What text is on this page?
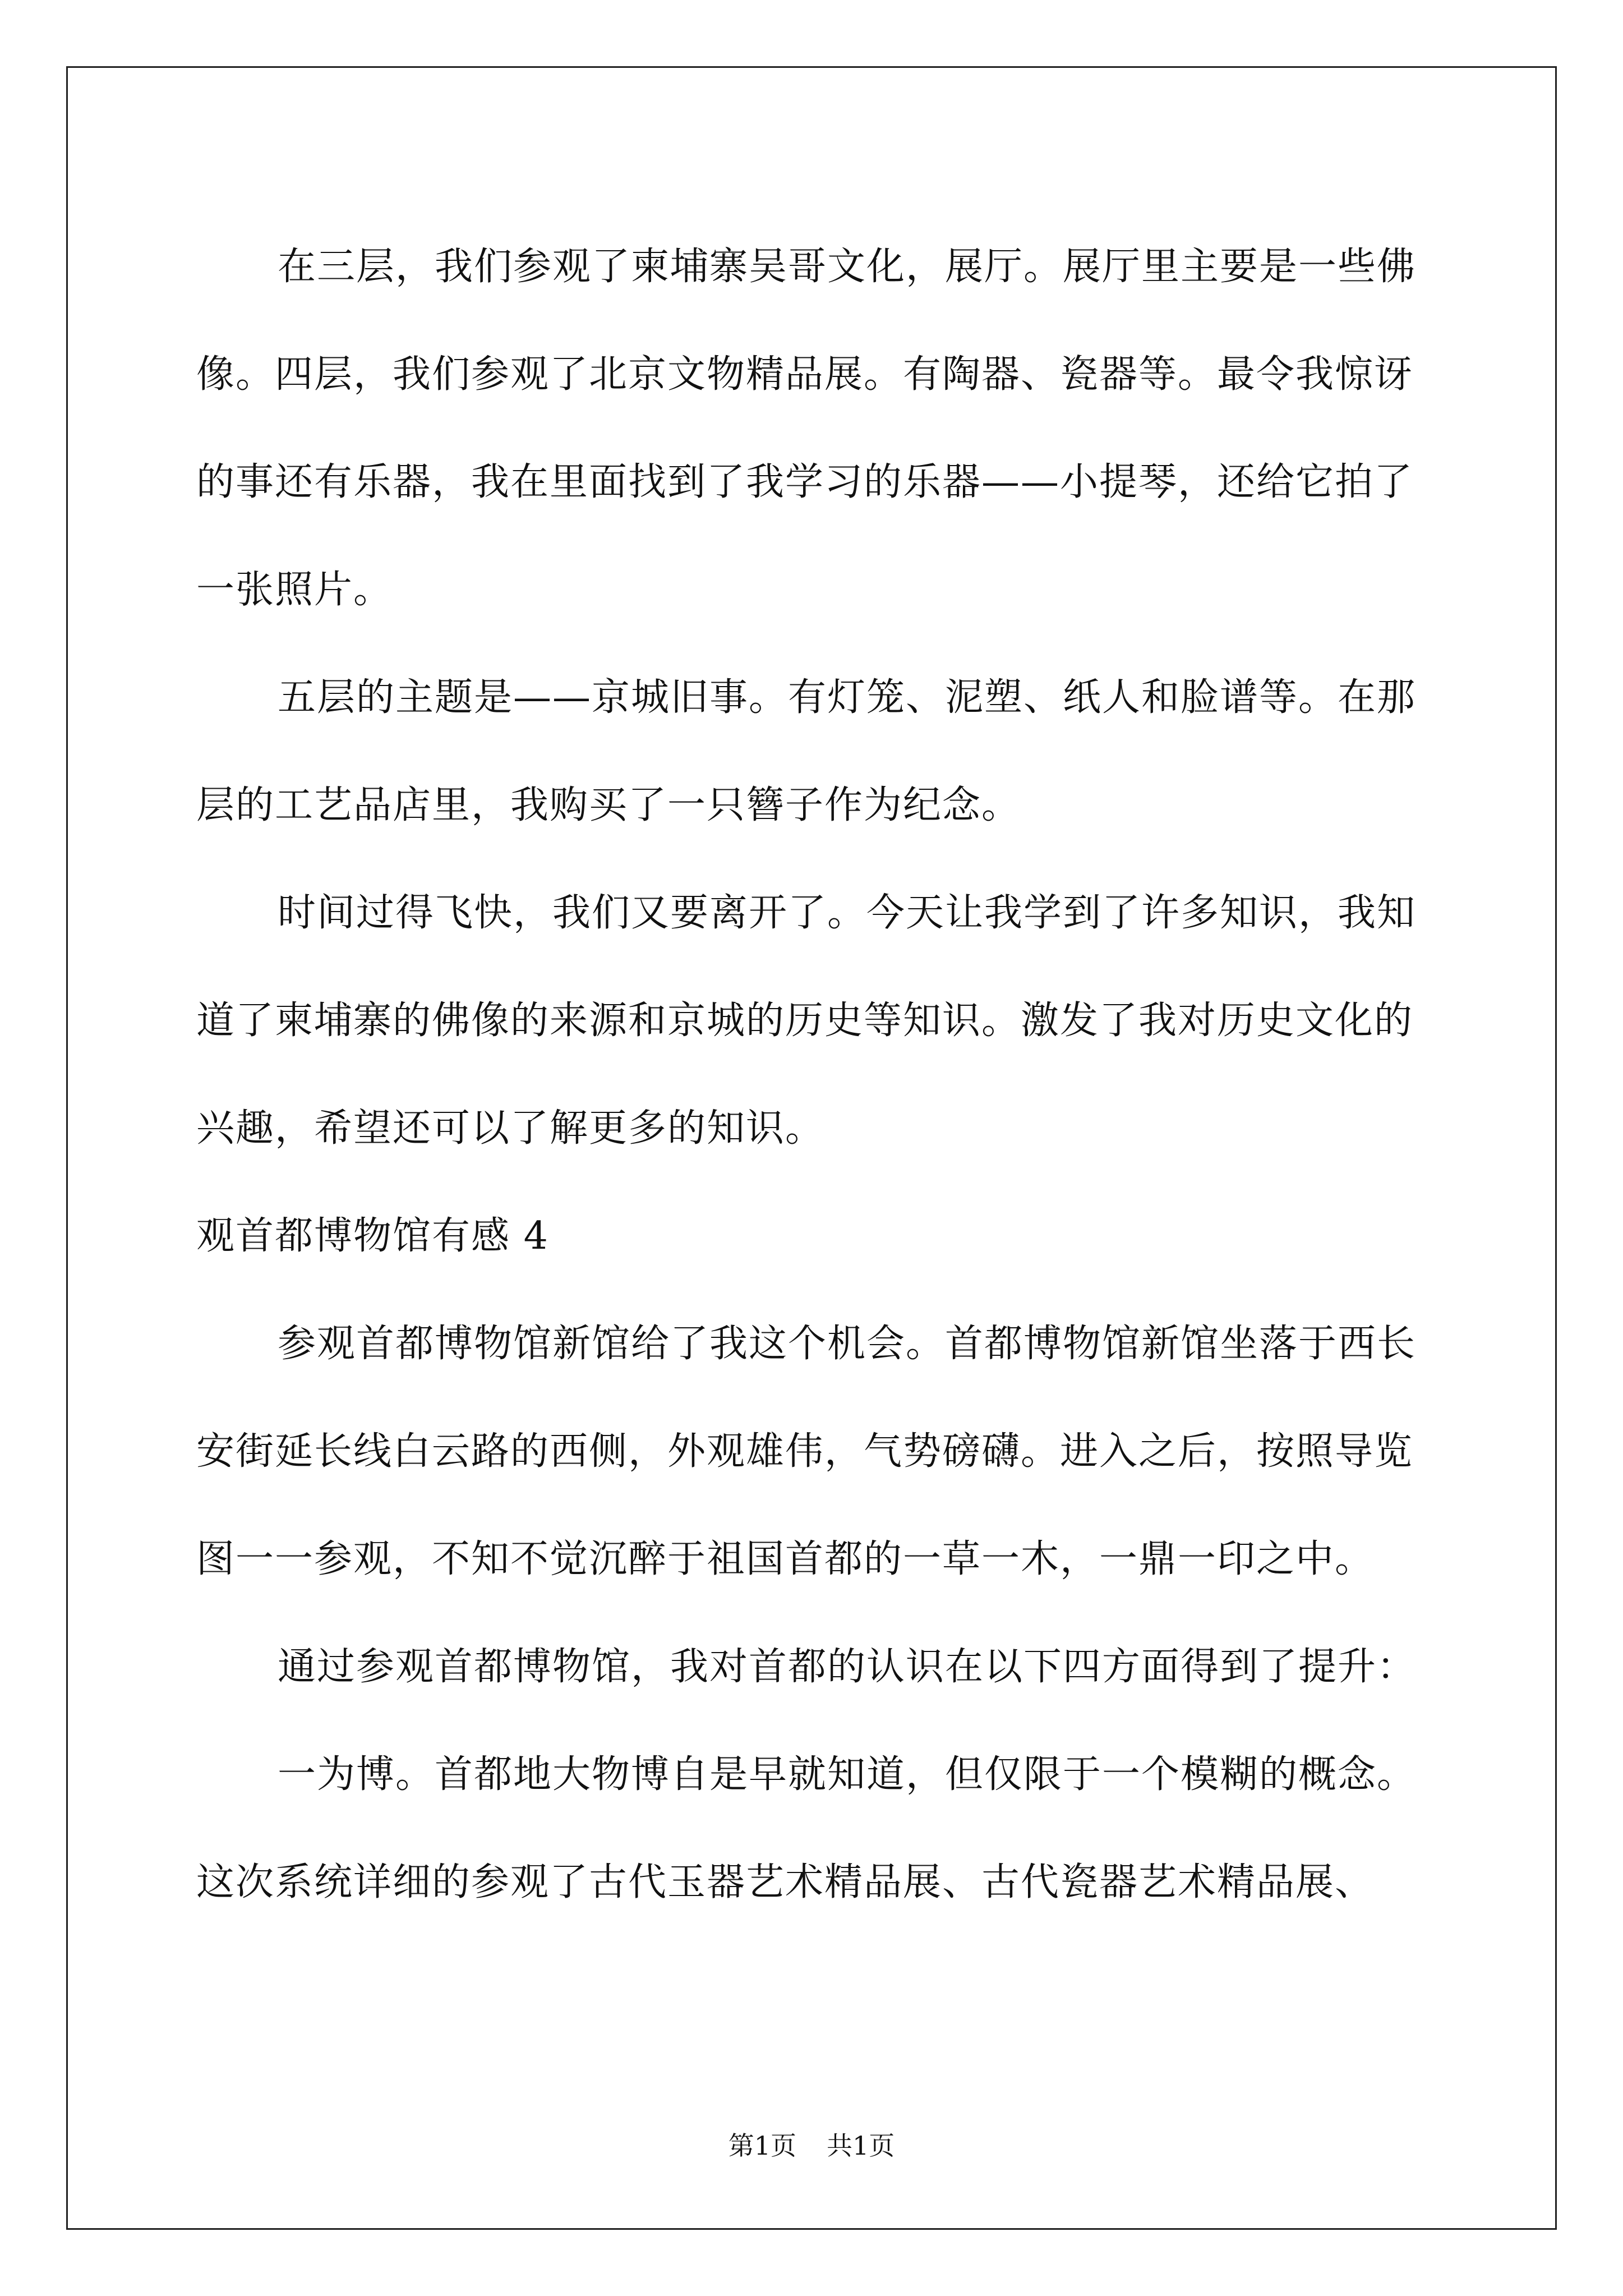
在三层，我们参观了柬埔寨吴哥文化，展厅。展厅里主要是一些佛像。四层，我们参观了北京文物精品展。有陶器、瓷器等。最令我惊讶的事还有乐器，我在里面找到了我学习的乐器——小提琴，还给它拍了一张照片。

五层的主题是——京城旧事。有灯笼、泥塑、纸人和脸谱等。在那层的工艺品店里，我购买了一只簪子作为纪念。

时间过得飞快，我们又要离开了。今天让我学到了许多知识，我知道了柬埔寨的佛像的来源和京城的历史等知识。激发了我对历史文化的兴趣，希望还可以了解更多的知识。

观首都博物馆有感 4

参观首都博物馆新馆给了我这个机会。首都博物馆新馆坐落于西长安街延长线白云路的西侧，外观雄伟，气势磅礴。进入之后，按照导览图一一参观，不知不觉沉醉于祖国首都的一草一木，一鼎一印之中。

通过参观首都博物馆，我对首都的认识在以下四方面得到了提升：

一为博。首都地大物博自是早就知道，但仅限于一个模糊的概念。这次系统详细的参观了古代玉器艺术精品展、古代瓷器艺术精品展、

第1页 共1页
